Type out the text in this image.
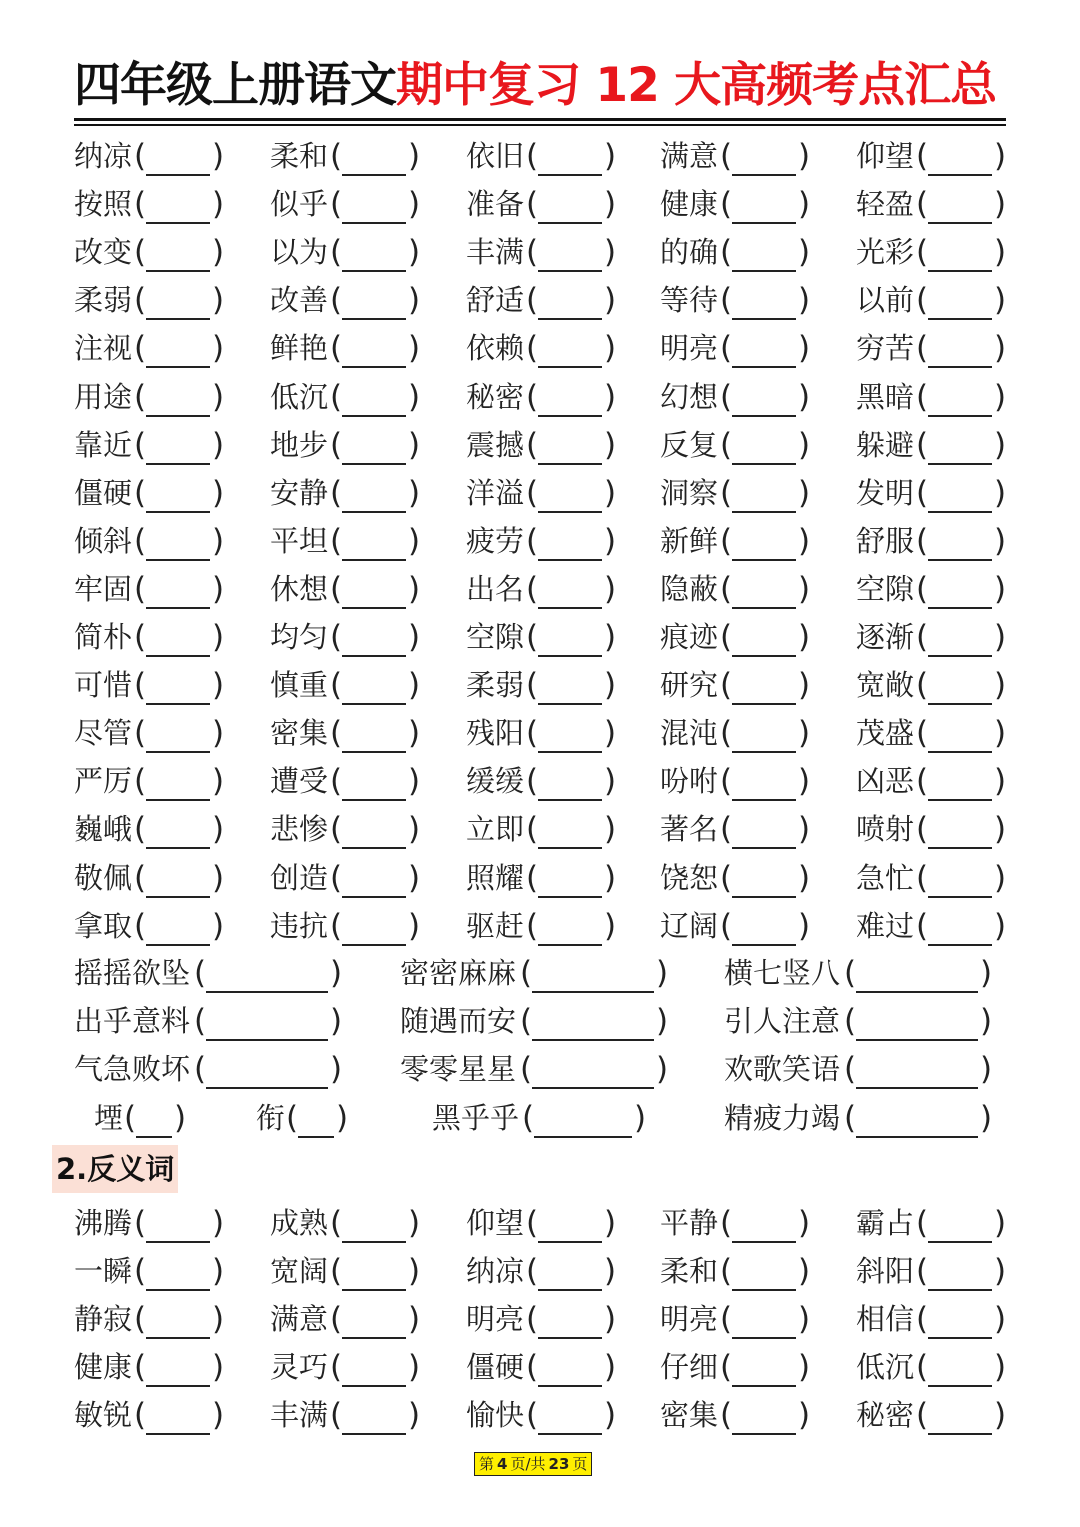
四年级上册语文期中复习 12 大高频考点汇总
纳凉 ( ) 柔和 ( ) 依旧 ( ) 满意 ( ) 仰望 ( )
按照 ( ) 似乎 ( ) 准备 ( ) 健康 ( ) 轻盈 ( )
改变 ( ) 以为 ( ) 丰满 ( ) 的确 ( ) 光彩 ( )
柔弱 ( ) 改善 ( ) 舒适 ( ) 等待 ( ) 以前 ( )
注视 ( ) 鲜艳 ( ) 依赖 ( ) 明亮 ( ) 穷苦 ( )
用途 ( ) 低沉 ( ) 秘密 ( ) 幻想 ( ) 黑暗 ( )
靠近 ( ) 地步 ( ) 震撼 ( ) 反复 ( ) 躲避 ( )
僵硬 ( ) 安静 ( ) 洋溢 ( ) 洞察 ( ) 发明 ( )
倾斜 ( ) 平坦 ( ) 疲劳 ( ) 新鲜 ( ) 舒服 ( )
牢固 ( ) 休想 ( ) 出名 ( ) 隐蔽 ( ) 空隙 ( )
简朴 ( ) 均匀 ( ) 空隙 ( ) 痕迹 ( ) 逐渐 ( )
可惜 ( ) 慎重 ( ) 柔弱 ( ) 研究 ( ) 宽敞 ( )
尽管 ( ) 密集 ( ) 残阳 ( ) 混沌 ( ) 茂盛 ( )
严厉 ( ) 遭受 ( ) 缓缓 ( ) 吩咐 ( ) 凶恶 ( )
巍峨 ( ) 悲惨 ( ) 立即 ( ) 著名 ( ) 喷射 ( )
敬佩 ( ) 创造 ( ) 照耀 ( ) 饶恕 ( ) 急忙 ( )
拿取 ( ) 违抗 ( ) 驱赶 ( ) 辽阔 ( ) 难过 ( )
摇摇欲坠 (	) 密密麻麻 (	) 横七竖八 (	)
出乎意料 (	) 随遇而安 (	) 引人注意 (	)
气急败坏 (	) 零零星星 (	) 欢歌笑语 (	)
堙 ( ) 衔 ( )	黑乎乎 (	)	精疲力竭 (	)
沸腾 ( ) 成熟 ( ) 仰望 ( ) 平静 ( ) 霸占 ( )
一瞬 ( ) 宽阔 ( ) 纳凉 ( ) 柔和 ( ) 斜阳 ( )
静寂 ( ) 满意 ( ) 明亮 ( ) 明亮 ( ) 相信 ( )
健康 ( ) 灵巧 ( ) 僵硬 ( ) 仔细 ( ) 低沉 ( )
敏锐 ( ) 丰满 ( ) 愉快 ( ) 密集 ( ) 秘密 ( )
2.反义词
第 4 页/共 23 页
